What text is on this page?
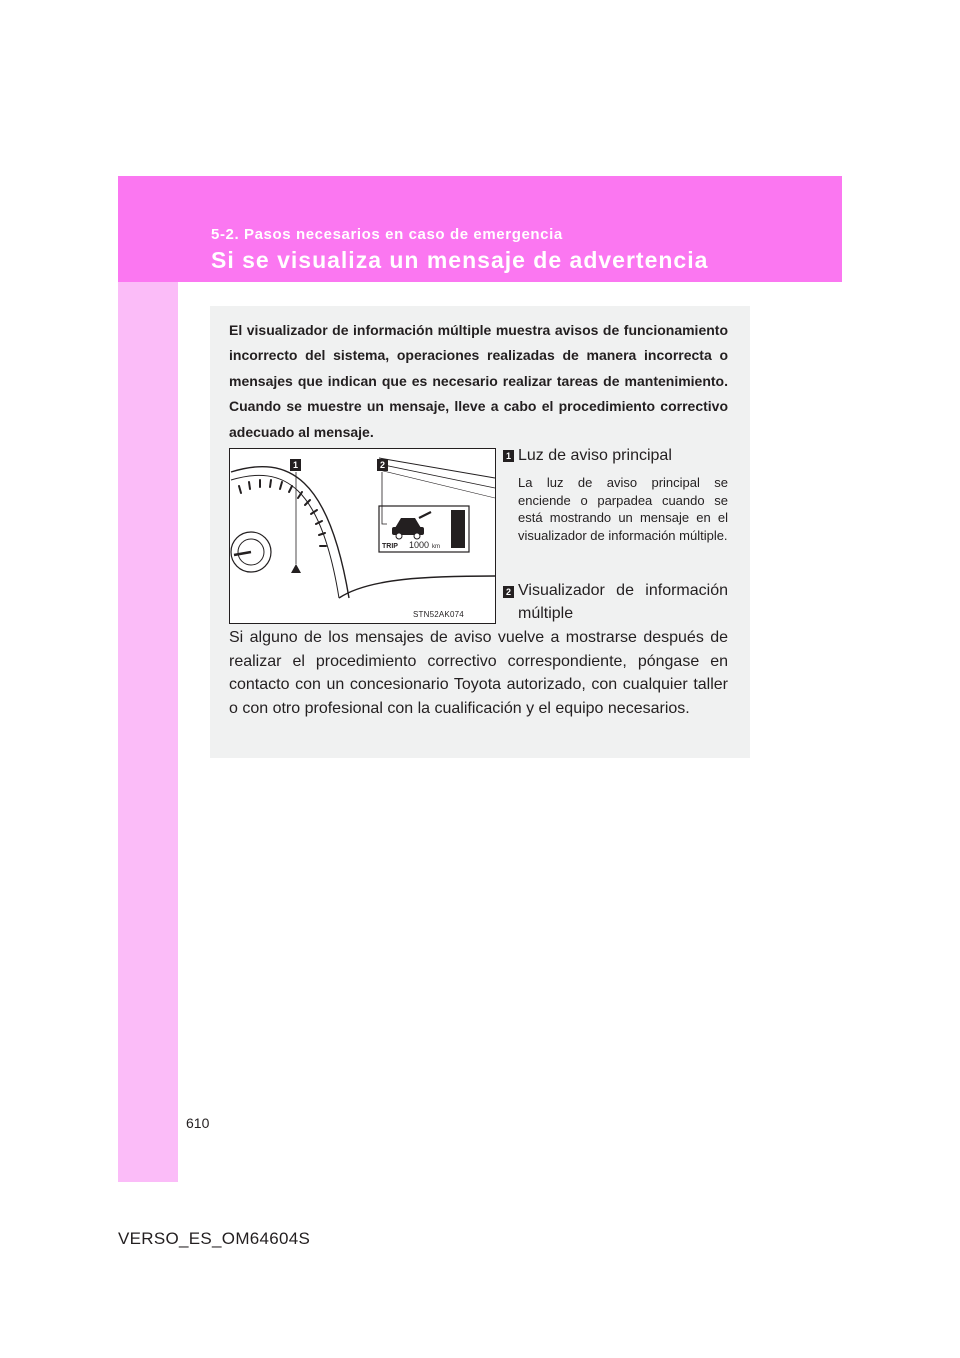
5-2. Pasos necesarios en caso de emergencia
Si se visualiza un mensaje de advertencia

El visualizador de información múltiple muestra avisos de funcionamiento incorrecto del sistema, operaciones realizadas de manera incorrecta o mensajes que indican que es necesario realizar tareas de mantenimiento. Cuando se muestre un mensaje, lleve a cabo el procedimiento correctivo adecuado al mensaje.

TRIP 1000 km
1	2
STN52AK074
1 Luz de aviso principal

La luz de aviso principal se enciende o parpadea cuando se está mostrando un mensaje en el visualizador de información múltiple.

2 Visualizador de información
múltiple

Si alguno de los mensajes de aviso vuelve a mostrarse después de realizar el procedimiento correctivo correspondiente, póngase en contacto con un concesionario Toyota autorizado, con cualquier taller o con otro profesional con la cualificación y el equipo necesarios.

610
VERSO_ES_OM64604S
